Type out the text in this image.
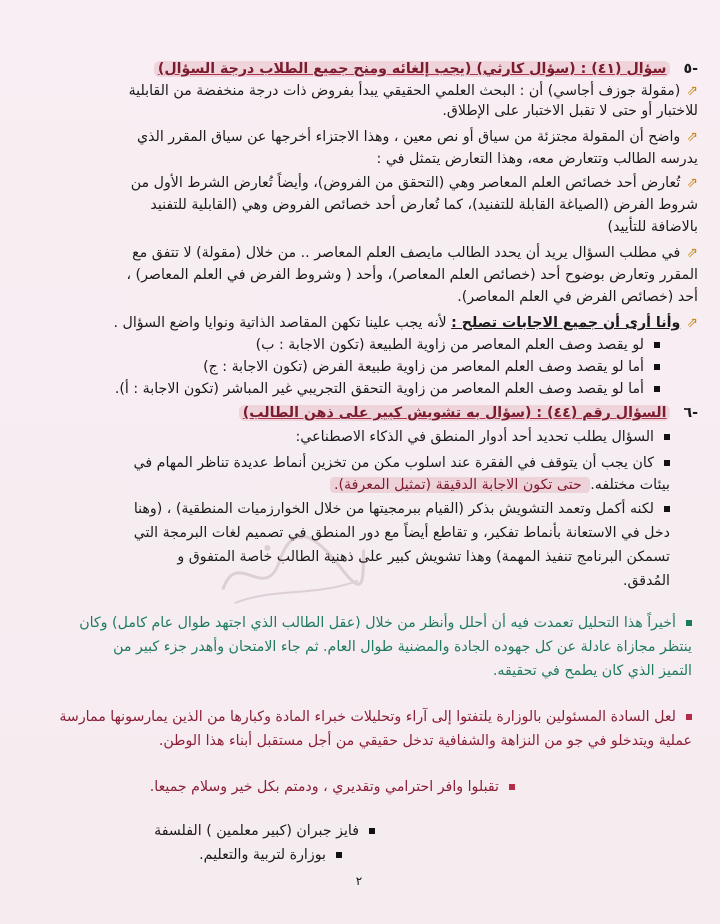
-٥ سؤال (٤١) : (سؤال كارثي) (يجب إلغائه ومنح جميع الطلاب درجة السؤال)
⇗(مقولة جوزف أجاسي) أن : البحث العلمي الحقيقي يبدأ بفروض ذات درجة منخفضة من القابلية
للاختبار أو حتى لا تقبل الاختبار على الإطلاق.
⇗واضح أن المقولة مجتزئة من سياق أو نص معين ، وهذا الاجتزاء أخرجها عن سياق المقرر الذي
يدرسه الطالب وتتعارض معه، وهذا التعارض يتمثل في :
⇗تُعارض أحد خصائص العلم المعاصر وهي (التحقق من الفروض)، وأيضاً تُعارض الشرط الأول من
شروط الفرض (الصياغة القابلة للتفنيد)، كما تُعارض أحد خصائص الفروض وهي (القابلية للتفنيد
بالاضافة للتأييد)
⇗في مطلب السؤال يريد أن يحدد الطالب مايصف العلم المعاصر .. من خلال (مقولة) لا تتفق مع
المقرر وتعارض بوضوح أحد (خصائص العلم المعاصر)، وأحد ( وشروط الفرض في العلم المعاصر) ،
أحد (خصائص الفرض في العلم المعاصر).
⇗وأنا أرى أن جميع الاجابات تصلح : لأنه يجب علينا تكهن المقاصد الذاتية ونوايا واضع السؤال .
لو يقصد وصف العلم المعاصر من زاوية الطبيعة (تكون الاجابة : ب)
أما لو يقصد وصف العلم المعاصر من زاوية طبيعة الفرض (تكون الاجابة : ج)
أما لو يقصد وصف العلم المعاصر من زاوية التحقق التجريبي غير المباشر (تكون الاجابة : أ).
-٦ السؤال رقم (٤٤) : (سؤال به تشويش كبير على ذهن الطالب)
السؤال يطلب تحديد أحد أدوار المنطق في الذكاء الاصطناعي:
كان يجب أن يتوقف في الفقرة عند اسلوب مكن من تخزين أنماط عديدة تناظر المهام في
بيئات مختلفه. حتى تكون الاجابة الدقيقة (تمثيل المعرفة).
لكنه أكمل وتعمد التشويش بذكر (القيام ببرمجيتها من خلال الخوارزميات المنطقية) ، (وهنا
دخل في الاستعانة بأنماط تفكير، و تقاطع أيضاً مع دور المنطق في تصميم لغات البرمجة التي
تسمكن البرنامج تنفيذ المهمة) وهذا تشويش كبير على ذهنية الطالب خاصة المتفوق و
المُدقق.
أخيراً هذا التحليل تعمدت فيه أن أحلل وأنظر من خلال (عقل الطالب الذي اجتهد طوال عام كامل) وكان
ينتظر مجازاة عادلة عن كل جهوده الجادة والمضنية طوال العام. ثم جاء الامتحان وأهدر جزء كبير من
التميز الذي كان يطمح في تحقيقه.
لعل السادة المسئولين بالوزارة يلتفتوا إلى آراء وتحليلات خبراء المادة وكبارها من الذين يمارسونها ممارسة
عملية ويتدخلو في جو من النزاهة والشفافية تدخل حقيقي من أجل مستقبل أبناء هذا الوطن.
تقبلوا وافر احترامي وتقديري ، ودمتم بكل خير وسلام جميعا.
فايز جبران (كبير معلمين ) الفلسفة
بوزارة لتربية والتعليم.
٢
